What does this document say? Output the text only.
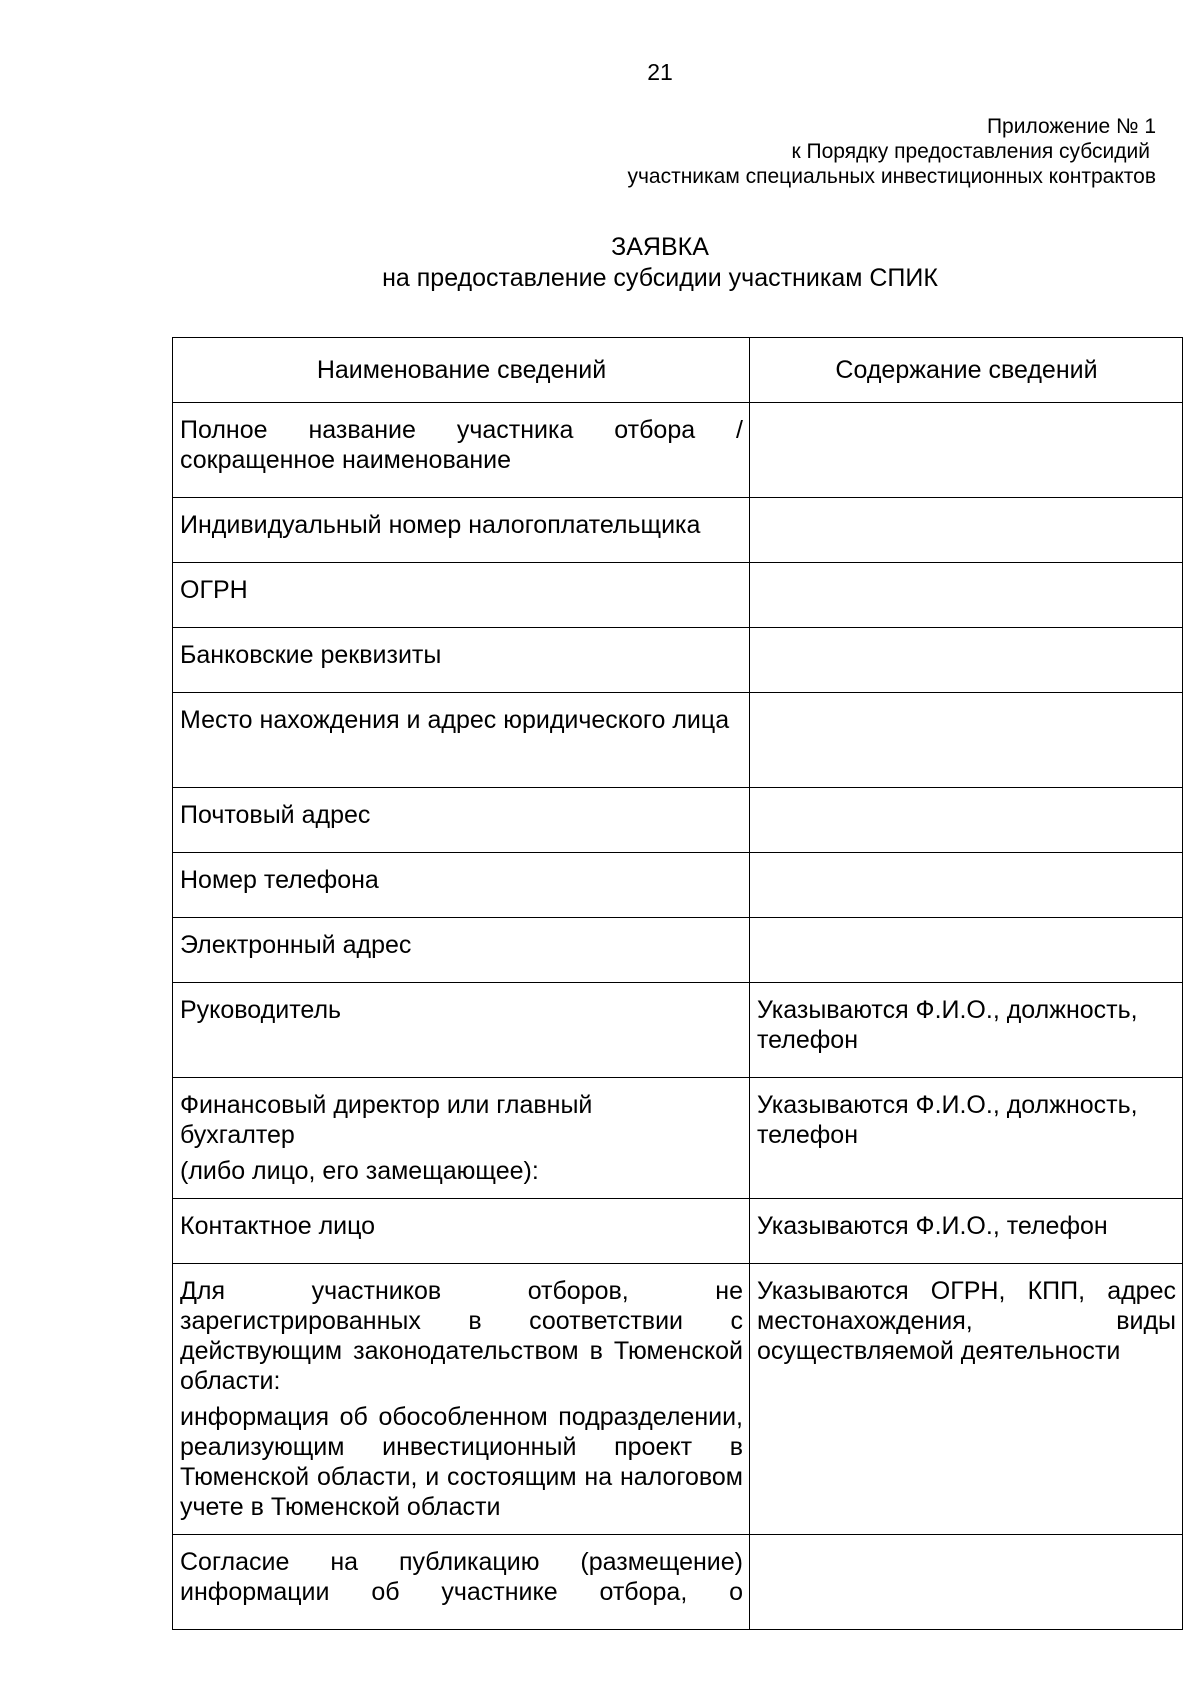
21
Приложение № 1
к Порядку предоставления субсидий
участникам специальных инвестиционных контрактов
ЗАЯВКА
на предоставление субсидии участникам СПИК
Наименование сведений	Содержание сведений
Полное название участника отбора /сокращенное наименование	
Индивидуальный номер налогоплательщика	
ОГРН	
Банковские реквизиты	
Место нахождения и адрес юридического лица	
Почтовый адрес	
Номер телефона	
Электронный адрес	
Руководитель	Указываются Ф.И.О., должность, телефон

Финансовый директор или главный бухгалтер
(либо лицо, его замещающее):	Указываются Ф.И.О., должность, телефон
Контактное лицо	Указываются Ф.И.О., телефон

Для участников отборов, не зарегистрированных в соответствии с действующим законодательством в Тюменской области:
информация об обособленном подразделении, реализующим инвестиционный проект в Тюменской области, и состоящим на налоговом учете в Тюменской области	Указываются ОГРН, КПП, адрес местонахождения, виды осуществляемой деятельности
Согласие на публикацию (размещение) информации об участнике отбора, о	
